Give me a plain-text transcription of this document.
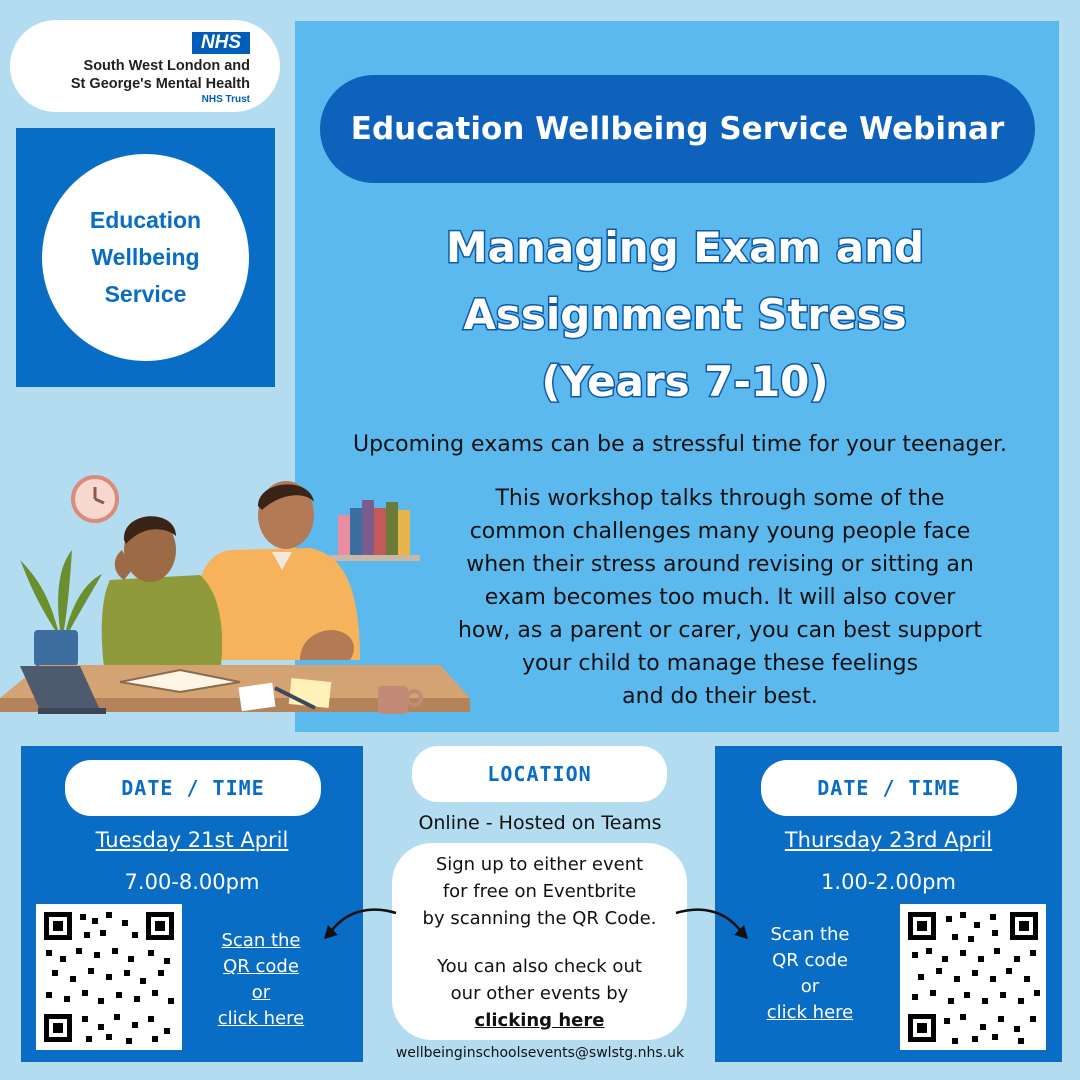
NHS
South West London and
St George's Mental Health
NHS Trust
Education
Wellbeing
Service
Education Wellbeing Service Webinar
Managing Exam and
Assignment Stress
(Years 7-10)
Upcoming exams can be a stressful time for your teenager.
This workshop talks through some of the
common challenges many young people face
when their stress around revising or sitting an
exam becomes too much. It will also cover
how, as a parent or carer, you can best support
your child to manage these feelings
and do their best.
DATE / TIME
Tuesday 21st April
7.00-8.00pm
Scan the
QR code
or
click here
DATE / TIME
Thursday 23rd April
1.00-2.00pm
Scan the
QR code
or
click here
LOCATION
Online - Hosted on Teams
Sign up to either event
for free on Eventbrite
by scanning the QR Code.
You can also check out
our other events by
clicking here
wellbeinginschoolsevents@swlstg.nhs.uk
